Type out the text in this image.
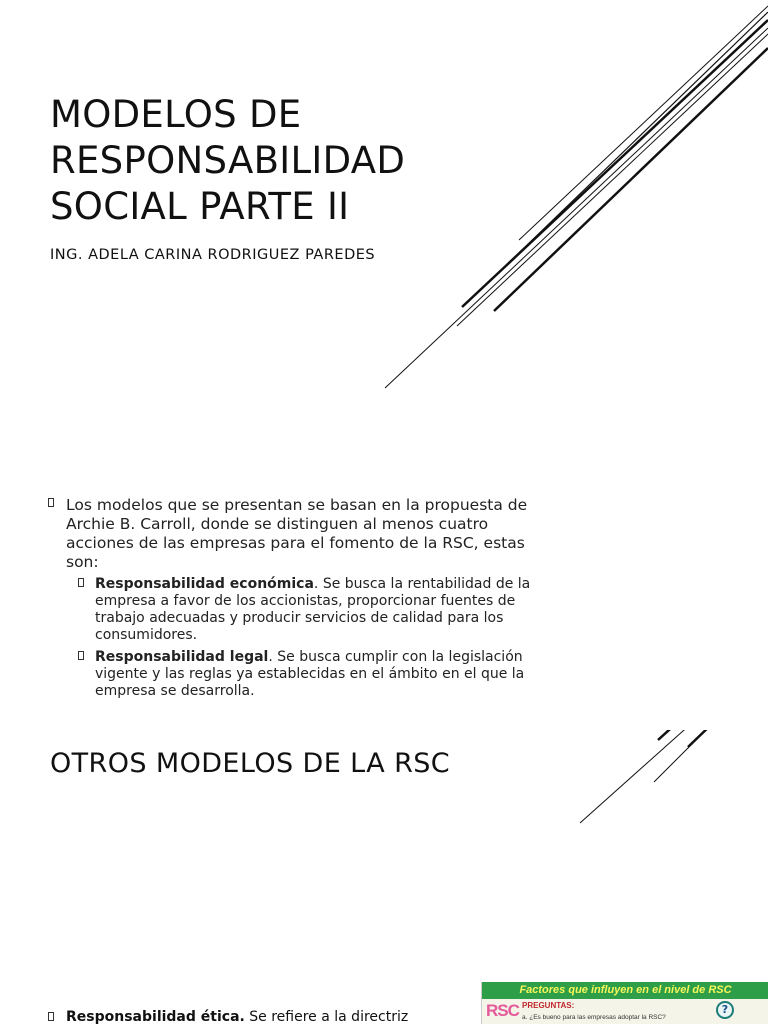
MODELOS DE
RESPONSABILIDAD
SOCIAL PARTE II
ING. ADELA CARINA RODRIGUEZ PAREDES
Los modelos que se presentan se basan en la propuesta de Archie B. Carroll, donde se distinguen al menos cuatro acciones de las empresas para el fomento de la RSC, estas son:
Responsabilidad económica. Se busca la rentabilidad de la empresa a favor de los accionistas, proporcionar fuentes de trabajo adecuadas y producir servicios de calidad para los consumidores.
Responsabilidad legal. Se busca cumplir con la legislación vigente y las reglas ya establecidas en el ámbito en el que la empresa se desarrolla.
OTROS MODELOS DE LA RSC
Responsabilidad ética. Se refiere a la directriz
Factores que influyen en el nivel de RSC
RSC PREGUNTAS:
a. ¿Es bueno para las empresas adoptar la RSC?
?
